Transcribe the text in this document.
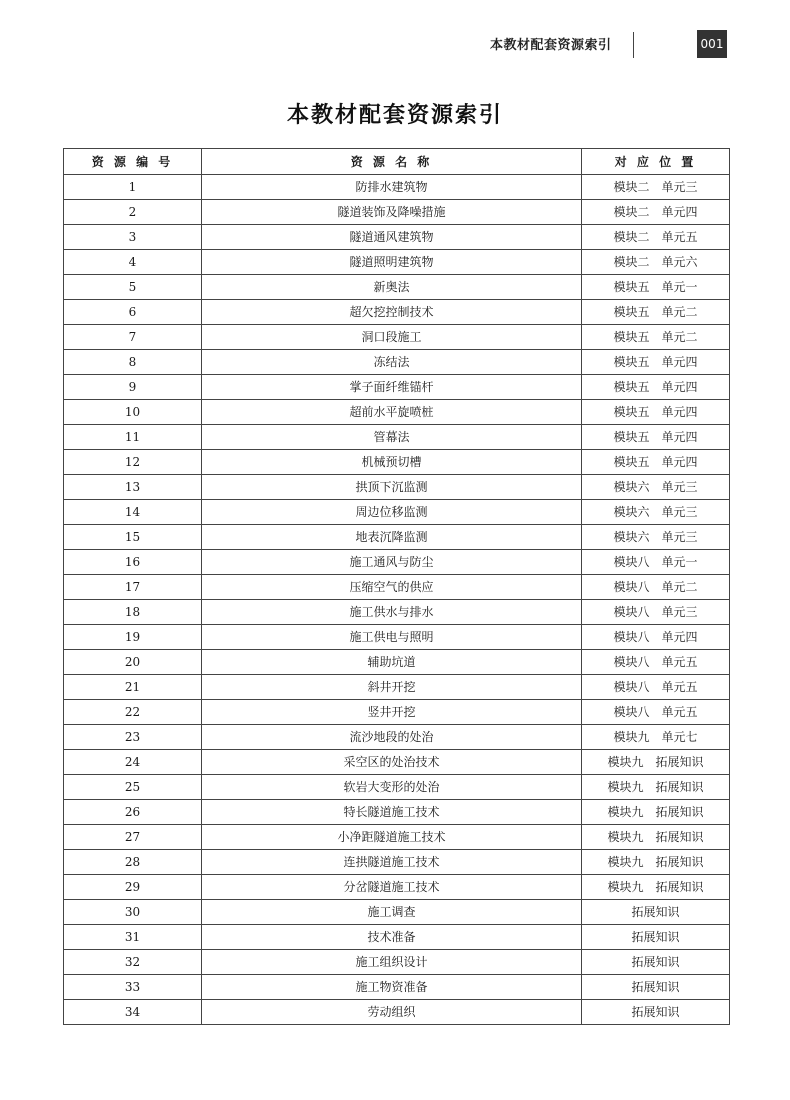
本教材配套资源索引	001
本教材配套资源索引
资 源 编 号	资 源 名 称	对 应 位 置
1	防排水建筑物	模块二 单元三
2	隧道装饰及降噪措施	模块二 单元四
3	隧道通风建筑物	模块二 单元五
4	隧道照明建筑物	模块二 单元六
5	新奥法	模块五 单元一
6	超欠挖控制技术	模块五 单元二
7	洞口段施工	模块五 单元二
8	冻结法	模块五 单元四
9	掌子面纤维锚杆	模块五 单元四
10	超前水平旋喷桩	模块五 单元四
11	管幕法	模块五 单元四
12	机械预切槽	模块五 单元四
13	拱顶下沉监测	模块六 单元三
14	周边位移监测	模块六 单元三
15	地表沉降监测	模块六 单元三
16	施工通风与防尘	模块八 单元一
17	压缩空气的供应	模块八 单元二
18	施工供水与排水	模块八 单元三
19	施工供电与照明	模块八 单元四
20	辅助坑道	模块八 单元五
21	斜井开挖	模块八 单元五
22	竖井开挖	模块八 单元五
23	流沙地段的处治	模块九 单元七
24	采空区的处治技术	模块九 拓展知识
25	软岩大变形的处治	模块九 拓展知识
26	特长隧道施工技术	模块九 拓展知识
27	小净距隧道施工技术	模块九 拓展知识
28	连拱隧道施工技术	模块九 拓展知识
29	分岔隧道施工技术	模块九 拓展知识
30	施工调查	拓展知识
31	技术准备	拓展知识
32	施工组织设计	拓展知识
33	施工物资准备	拓展知识
34	劳动组织	拓展知识
